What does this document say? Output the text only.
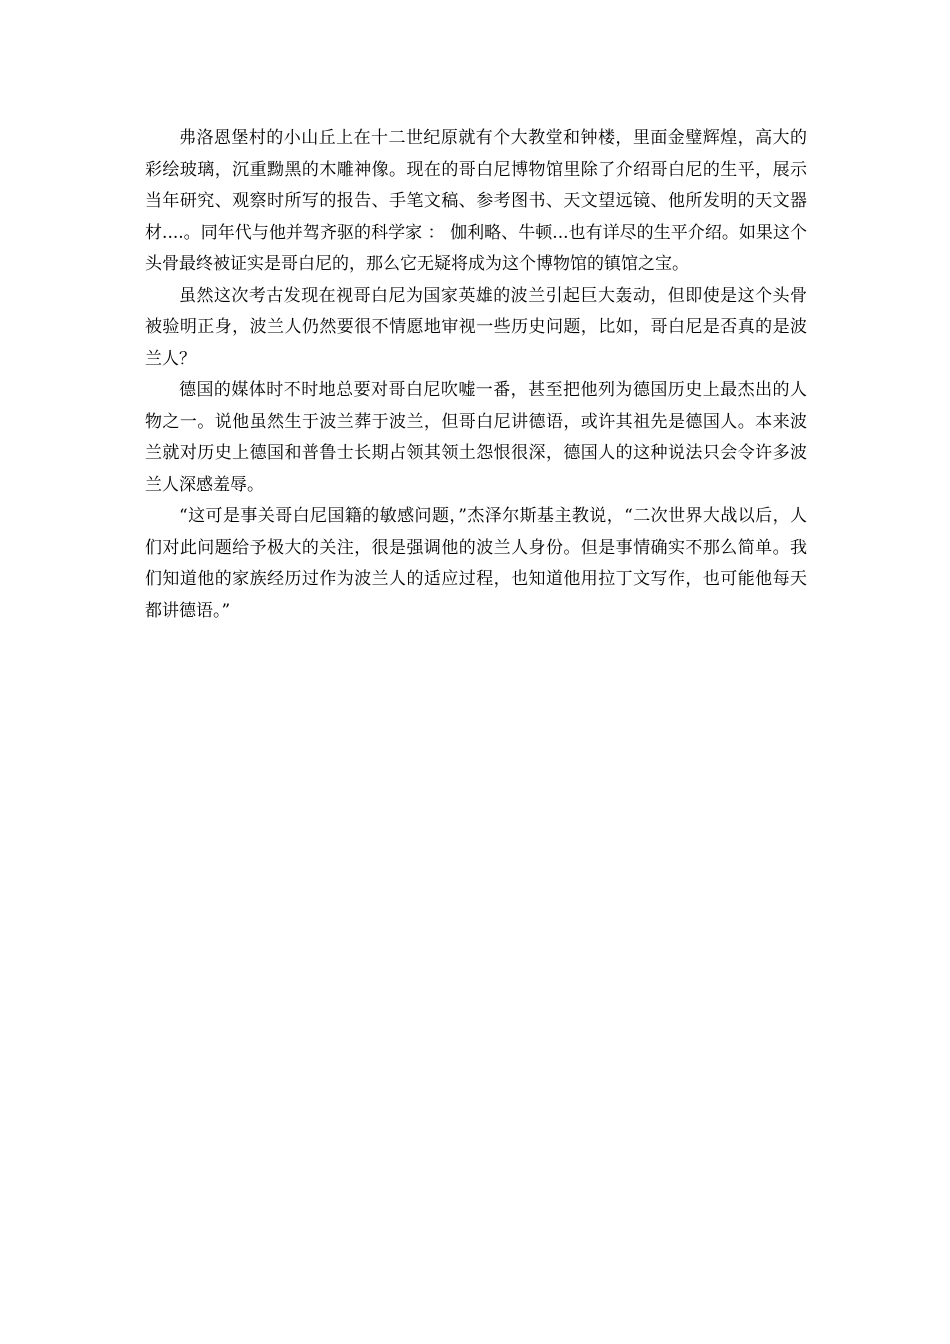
弗洛恩堡村的小山丘上在十二世纪原就有个大教堂和钟楼，里面金璧辉煌，高大的彩绘玻璃，沉重黝黑的木雕神像。现在的哥白尼博物馆里除了介绍哥白尼的生平，展示当年研究、观察时所写的报告、手笔文稿、参考图书、天文望远镜、他所发明的天文器材....。同年代与他并驾齐驱的科学家 ： 伽利略、牛顿...也有详尽的生平介绍。如果这个头骨最终被证实是哥白尼的，那么它无疑将成为这个博物馆的镇馆之宝。

虽然这次考古发现在视哥白尼为国家英雄的波兰引起巨大轰动，但即使是这个头骨被验明正身，波兰人仍然要很不情愿地审视一些历史问题，比如，哥白尼是否真的是波兰人？

德国的媒体时不时地总要对哥白尼吹嘘一番，甚至把他列为德国历史上最杰出的人物之一。说他虽然生于波兰葬于波兰，但哥白尼讲德语，或许其祖先是德国人。本来波兰就对历史上德国和普鲁士长期占领其领土怨恨很深，德国人的这种说法只会令许多波兰人深感羞辱。

“这可是事关哥白尼国籍的敏感问题，”杰泽尔斯基主教说，“二次世界大战以后，人们对此问题给予极大的关注，很是强调他的波兰人身份。但是事情确实不那么简单。我们知道他的家族经历过作为波兰人的适应过程，也知道他用拉丁文写作，也可能他每天都讲德语。”
